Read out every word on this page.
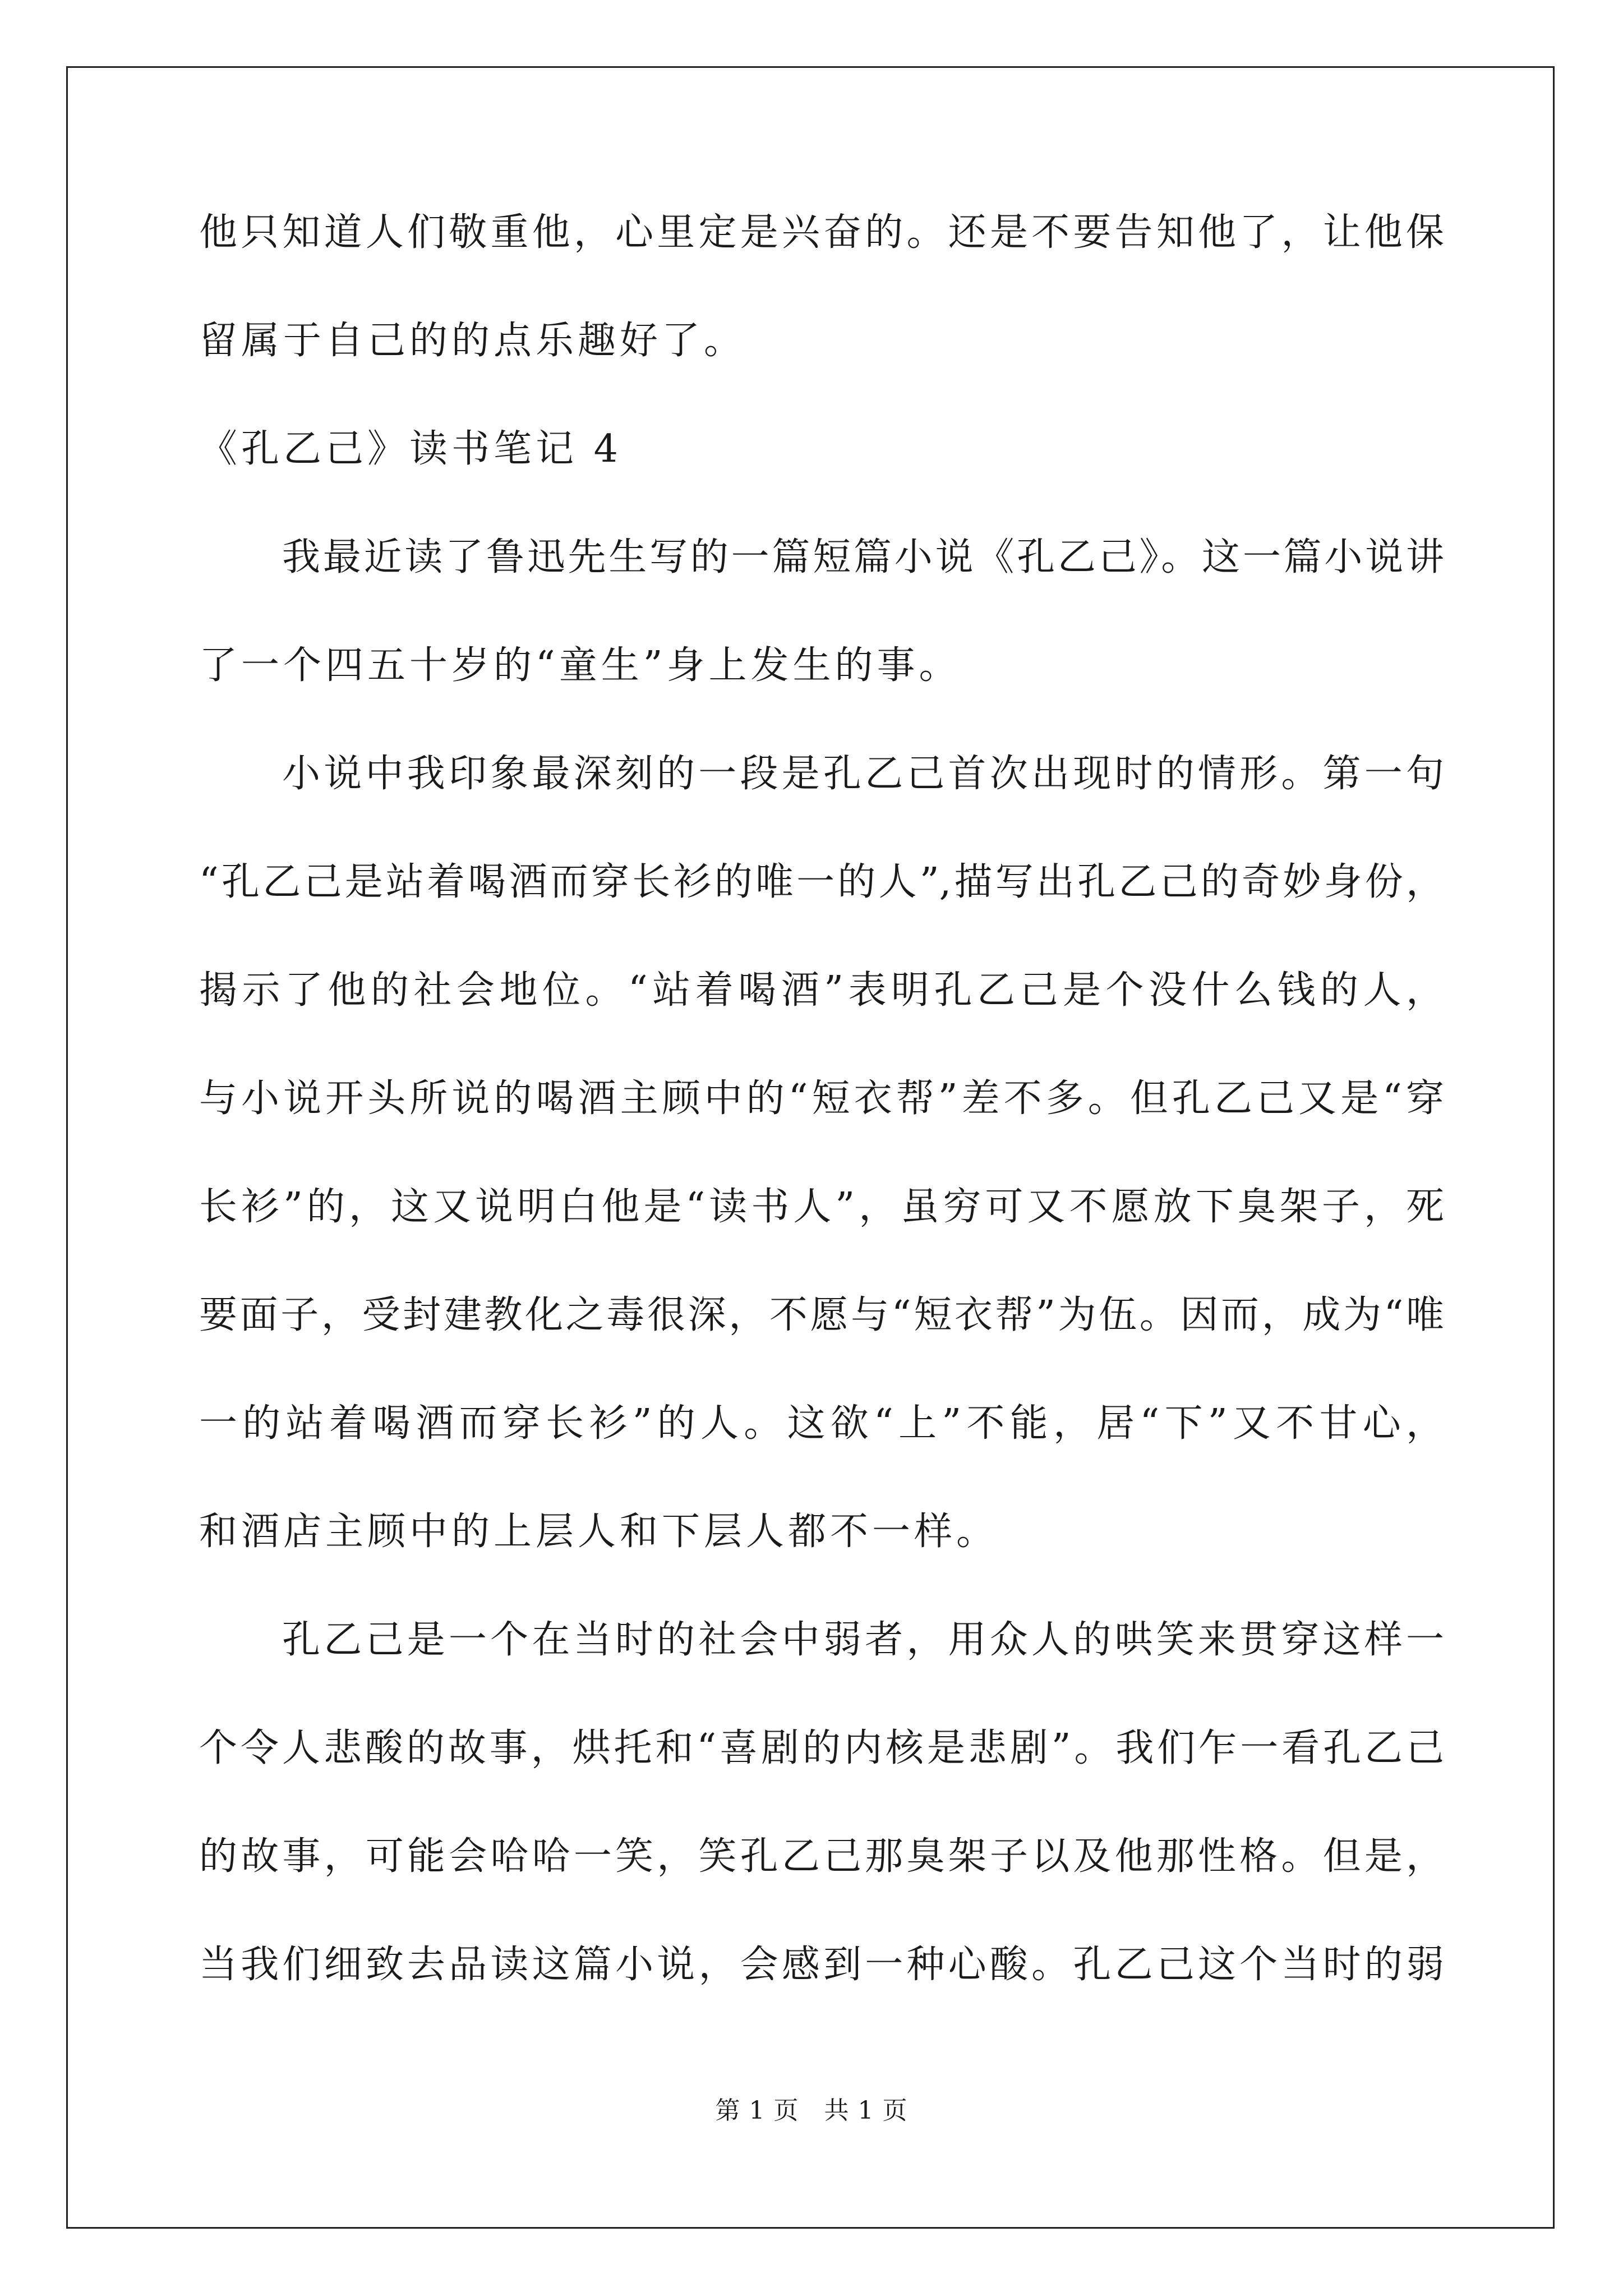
他只知道人们敬重他，心里定是兴奋的。还是不要告知他了，让他保
留属于自己的的点乐趣好了。
《孔乙己》读书笔记 4
我最近读了鲁迅先生写的一篇短篇小说《孔乙己》。这一篇小说讲
了一个四五十岁的“童生”身上发生的事。
小说中我印象最深刻的一段是孔乙己首次出现时的情形。第一句
“孔乙己是站着喝酒而穿长衫的唯一的人”,描写出孔乙己的奇妙身份，
揭示了他的社会地位。“站着喝酒”表明孔乙己是个没什么钱的人，
与小说开头所说的喝酒主顾中的“短衣帮”差不多。但孔乙己又是“穿
长衫”的，这又说明白他是“读书人”，虽穷可又不愿放下臭架子，死
要面子，受封建教化之毒很深，不愿与“短衣帮”为伍。因而，成为“唯
一的站着喝酒而穿长衫”的人。这欲“上”不能，居“下”又不甘心，
和酒店主顾中的上层人和下层人都不一样。
孔乙己是一个在当时的社会中弱者，用众人的哄笑来贯穿这样一
个令人悲酸的故事，烘托和“喜剧的内核是悲剧”。我们乍一看孔乙己
的故事，可能会哈哈一笑，笑孔乙己那臭架子以及他那性格。但是，
当我们细致去品读这篇小说，会感到一种心酸。孔乙己这个当时的弱
第 1 页　共 1 页
